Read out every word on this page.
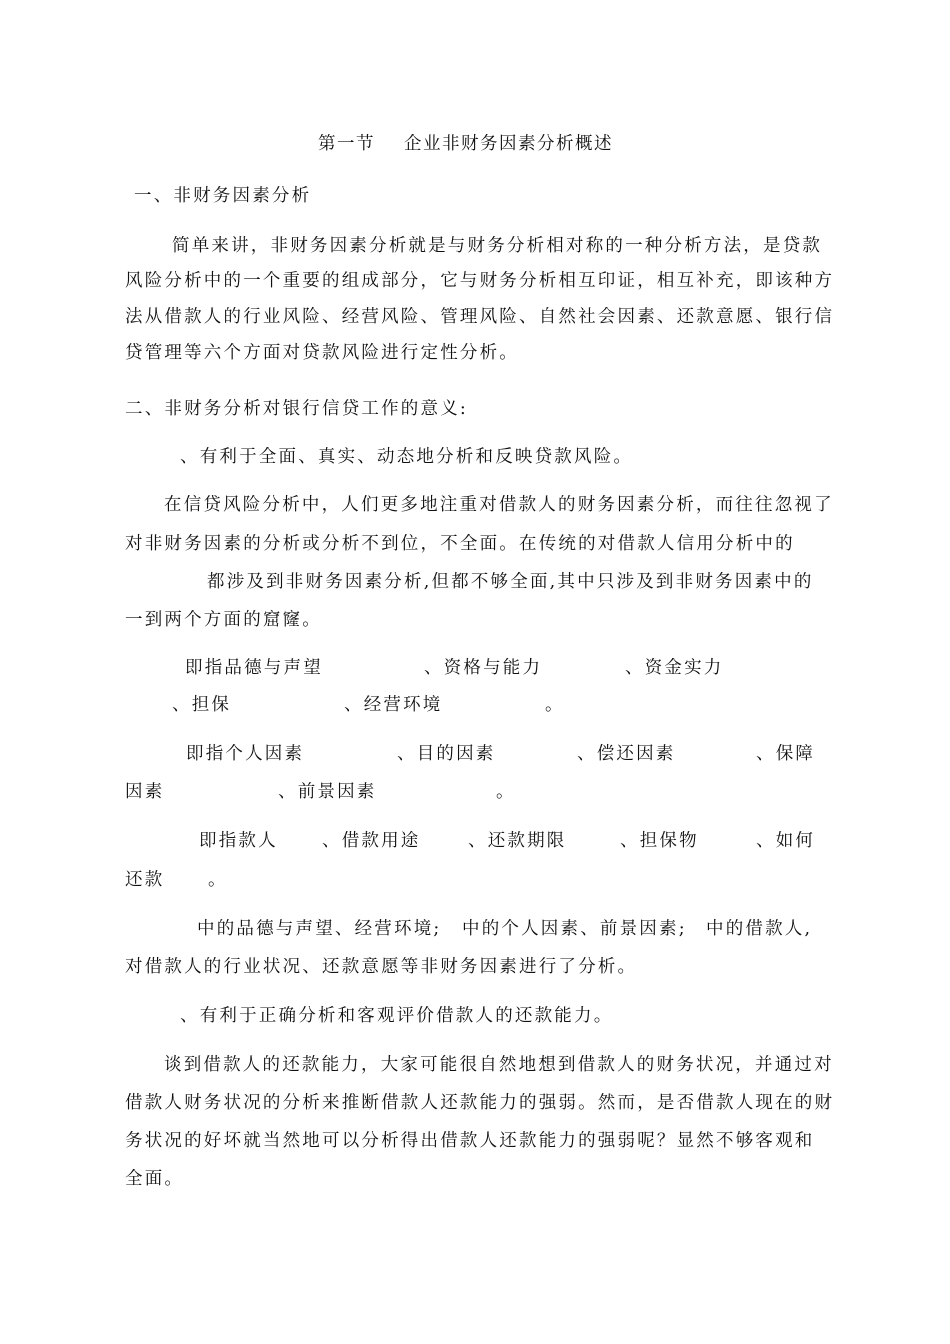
第一节 企业非财务因素分析概述
一、非财务因素分析
简单来讲，非财务因素分析就是与财务分析相对称的一种分析方法，是贷款
风险分析中的一个重要的组成部分，它与财务分析相互印证，相互补充，即该种方
法从借款人的行业风险、经营风险、管理风险、自然社会因素、还款意愿、银行信
贷管理等六个方面对贷款风险进行定性分析。
二、非财务分析对银行信贷工作的意义:
、有利于全面、真实、动态地分析和反映贷款风险。
在信贷风险分析中，人们更多地注重对借款人的财务因素分析，而往往忽视了
对非财务因素的分析或分析不到位，不全面。在传统的对借款人信用分析中的
都涉及到非财务因素分析,但都不够全面,其中只涉及到非财务因素中的
一到两个方面的窟窿。
即指品德与声望	、资格与能力	、资金实力
、担保	、经营环境	。
即指个人因素	、目的因素	、偿还因素	、保障
因素	、前景因素	。
即指款人	、借款用途	、还款期限	、担保物	、如何
还款 。
中的品德与声望、经营环境; 中的个人因素、前景因素; 中的借款人,
对借款人的行业状况、还款意愿等非财务因素进行了分析。
、有利于正确分析和客观评价借款人的还款能力。
谈到借款人的还款能力，大家可能很自然地想到借款人的财务状况，并通过对
借款人财务状况的分析来推断借款人还款能力的强弱。然而，是否借款人现在的财
务状况的好坏就当然地可以分析得出借款人还款能力的强弱呢？显然不够客观和
全面。
